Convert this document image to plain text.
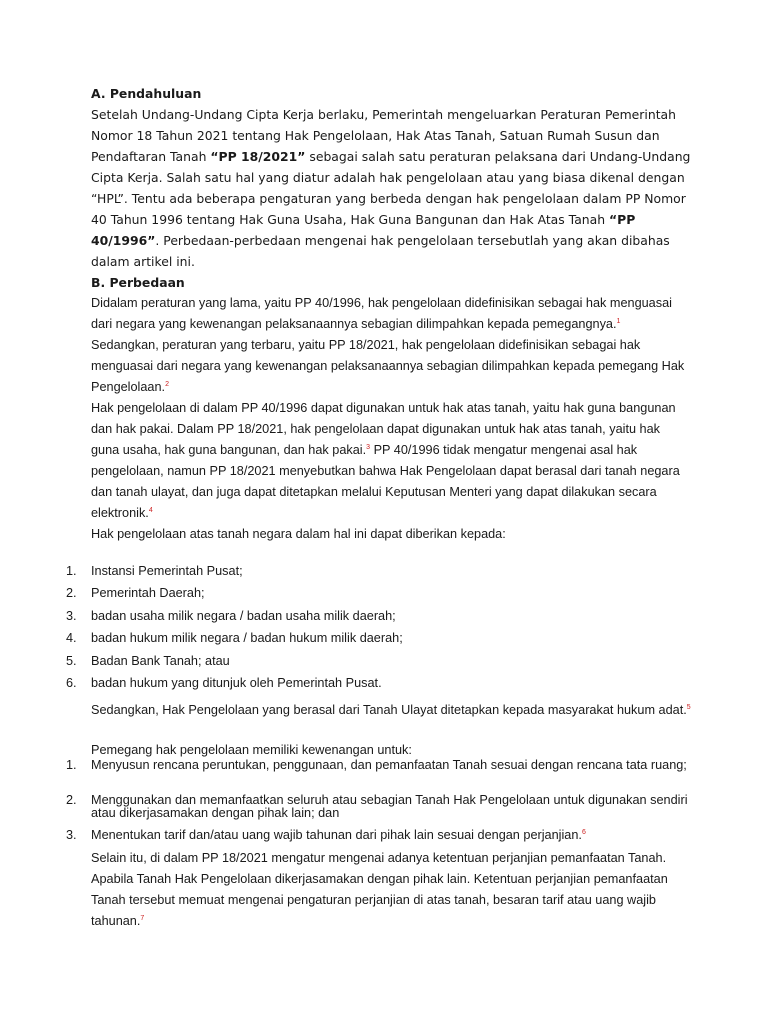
A. Pendahuluan

Setelah Undang-Undang Cipta Kerja berlaku, Pemerintah mengeluarkan Peraturan Pemerintah Nomor 18 Tahun 2021 tentang Hak Pengelolaan, Hak Atas Tanah, Satuan Rumah Susun dan Pendaftaran Tanah “PP 18/2021” sebagai salah satu peraturan pelaksana dari Undang-Undang Cipta Kerja. Salah satu hal yang diatur adalah hak pengelolaan atau yang biasa dikenal dengan “HPL”. Tentu ada beberapa pengaturan yang berbeda dengan hak pengelolaan dalam PP Nomor 40 Tahun 1996 tentang Hak Guna Usaha, Hak Guna Bangunan dan Hak Atas Tanah “PP 40/1996”. Perbedaan-perbedaan mengenai hak pengelolaan tersebutlah yang akan dibahas dalam artikel ini.

B. Perbedaan

Didalam peraturan yang lama, yaitu PP 40/1996, hak pengelolaan didefinisikan sebagai hak menguasai dari negara yang kewenangan pelaksanaannya sebagian dilimpahkan kepada pemegangnya.$^1$ Sedangkan, peraturan yang terbaru, yaitu PP 18/2021, hak pengelolaan didefinisikan sebagai hak menguasai dari negara yang kewenangan pelaksanaannya sebagian dilimpahkan kepada pemegang Hak Pengelolaan.$^2$

Hak pengelolaan di dalam PP 40/1996 dapat digunakan untuk hak atas tanah, yaitu hak guna bangunan dan hak pakai. Dalam PP 18/2021, hak pengelolaan dapat digunakan untuk hak atas tanah, yaitu hak guna usaha, hak guna bangunan, dan hak pakai.$^3$ PP 40/1996 tidak mengatur mengenai asal hak pengelolaan, namun PP 18/2021 menyebutkan bahwa Hak Pengelolaan dapat berasal dari tanah negara dan tanah ulayat, dan juga dapat ditetapkan melalui Keputusan Menteri yang dapat dilakukan secara elektronik.$^4$

Hak pengelolaan atas tanah negara dalam hal ini dapat diberikan kepada:

1.	Instansi Pemerintah Pusat;
2.	Pemerintah Daerah;
3.	badan usaha milik negara / badan usaha milik daerah;
4.	badan hukum milik negara / badan hukum milik daerah;
5.	Badan Bank Tanah; atau
6.	badan hukum yang ditunjuk oleh Pemerintah Pusat.

Sedangkan, Hak Pengelolaan yang berasal dari Tanah Ulayat ditetapkan kepada masyarakat hukum adat.$^5$

Pemegang hak pengelolaan memiliki kewenangan untuk:

1.	Menyusun rencana peruntukan, penggunaan, dan pemanfaatan Tanah sesuai dengan rencana tata ruang;
2.	Menggunakan dan memanfaatkan seluruh atau sebagian Tanah Hak Pengelolaan untuk digunakan sendiri atau dikerjasamakan dengan pihak lain; dan
3.	Menentukan tarif dan/atau uang wajib tahunan dari pihak lain sesuai dengan perjanjian.$^6$

Selain itu, di dalam PP 18/2021 mengatur mengenai adanya ketentuan perjanjian pemanfaatan Tanah. Apabila Tanah Hak Pengelolaan dikerjasamakan dengan pihak lain. Ketentuan perjanjian pemanfaatan Tanah tersebut memuat mengenai pengaturan perjanjian di atas tanah, besaran tarif atau uang wajib tahunan.$^7$
